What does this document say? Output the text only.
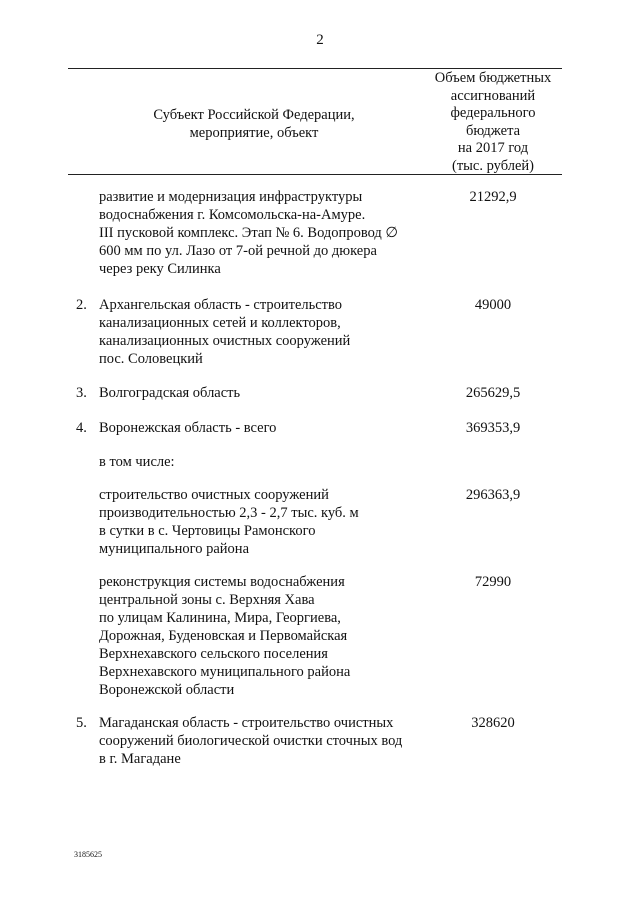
2
Субъект Российской Федерации,
мероприятие, объект
Объем бюджетных
ассигнований
федерального
бюджета
на 2017 год
(тыс. рублей)
развитие и модернизация инфраструктуры
водоснабжения г. Комсомольска-на-Амуре.
III пусковой комплекс. Этап № 6. Водопровод ∅
600 мм по ул. Лазо от 7-ой речной до дюкера
через реку Силинка
21292,9
2. Архангельская область - строительство
канализационных сетей и коллекторов,
канализационных очистных сооружений
пос. Соловецкий
49000
3. Волгоградская область	265629,5
4. Воронежская область - всего	369353,9
в том числе:
строительство очистных сооружений
производительностью 2,3 - 2,7 тыс. куб. м
в сутки в с. Чертовицы Рамонского
муниципального района
296363,9
реконструкция системы водоснабжения
центральной зоны с. Верхняя Хава
по улицам Калинина, Мира, Георгиева,
Дорожная, Буденовская и Первомайская
Верхнехавского сельского поселения
Верхнехавского муниципального района
Воронежской области
72990
5. Магаданская область - строительство очистных
сооружений биологической очистки сточных вод
в г. Магадане
328620
3185625
